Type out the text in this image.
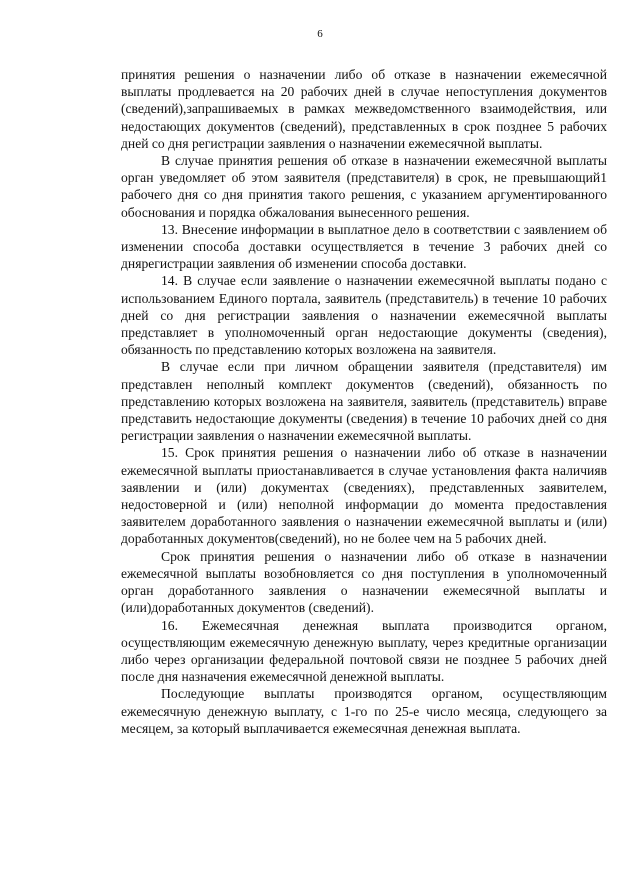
6

принятия решения о назначении либо об отказе в назначении ежемесячной выплаты продлевается на 20 рабочих дней в случае непоступления документов (сведений),запрашиваемых в рамках межведомственного взаимодействия, или недостающих документов (сведений), представленных в срок позднее 5 рабочих дней со дня регистрации заявления о назначении ежемесячной выплаты.

В случае принятия решения об отказе в назначении ежемесячной выплаты орган уведомляет об этом заявителя (представителя) в срок, не превышающий1 рабочего дня со дня принятия такого решения, с указанием аргументированного обоснования и порядка обжалования вынесенного решения.

13. Внесение информации в выплатное дело в соответствии с заявлением об изменении способа доставки осуществляется в течение 3 рабочих дней со днярегистрации заявления об изменении способа доставки.

14. В случае если заявление о назначении ежемесячной выплаты подано с использованием Единого портала, заявитель (представитель) в течение 10 рабочих дней со дня регистрации заявления о назначении ежемесячной выплаты представляет в уполномоченный орган недостающие документы (сведения), обязанность по представлению которых возложена на заявителя.

В случае если при личном обращении заявителя (представителя) им представлен неполный комплект документов (сведений), обязанность по представлению которых возложена на заявителя, заявитель (представитель) вправе представить недостающие документы (сведения) в течение 10 рабочих дней со дня регистрации заявления о назначении ежемесячной выплаты.

15. Срок принятия решения о назначении либо об отказе в назначении ежемесячной выплаты приостанавливается в случае установления факта наличияв заявлении и (или) документах (сведениях), представленных заявителем, недостоверной и (или) неполной информации до момента предоставления заявителем доработанного заявления о назначении ежемесячной выплаты и (или) доработанных документов(сведений), но не более чем на 5 рабочих дней.

Срок принятия решения о назначении либо об отказе в назначении ежемесячной выплаты возобновляется со дня поступления в уполномоченный орган доработанного заявления о назначении ежемесячной выплаты и (или)доработанных документов (сведений).

16. Ежемесячная денежная выплата производится органом, осуществляющим ежемесячную денежную выплату, через кредитные организации либо через организации федеральной почтовой связи не позднее 5 рабочих дней после дня назначения ежемесячной денежной выплаты.

Последующие выплаты производятся органом, осуществляющим ежемесячную денежную выплату, с 1-го по 25-е число месяца, следующего за месяцем, за который выплачивается ежемесячная денежная выплата.
